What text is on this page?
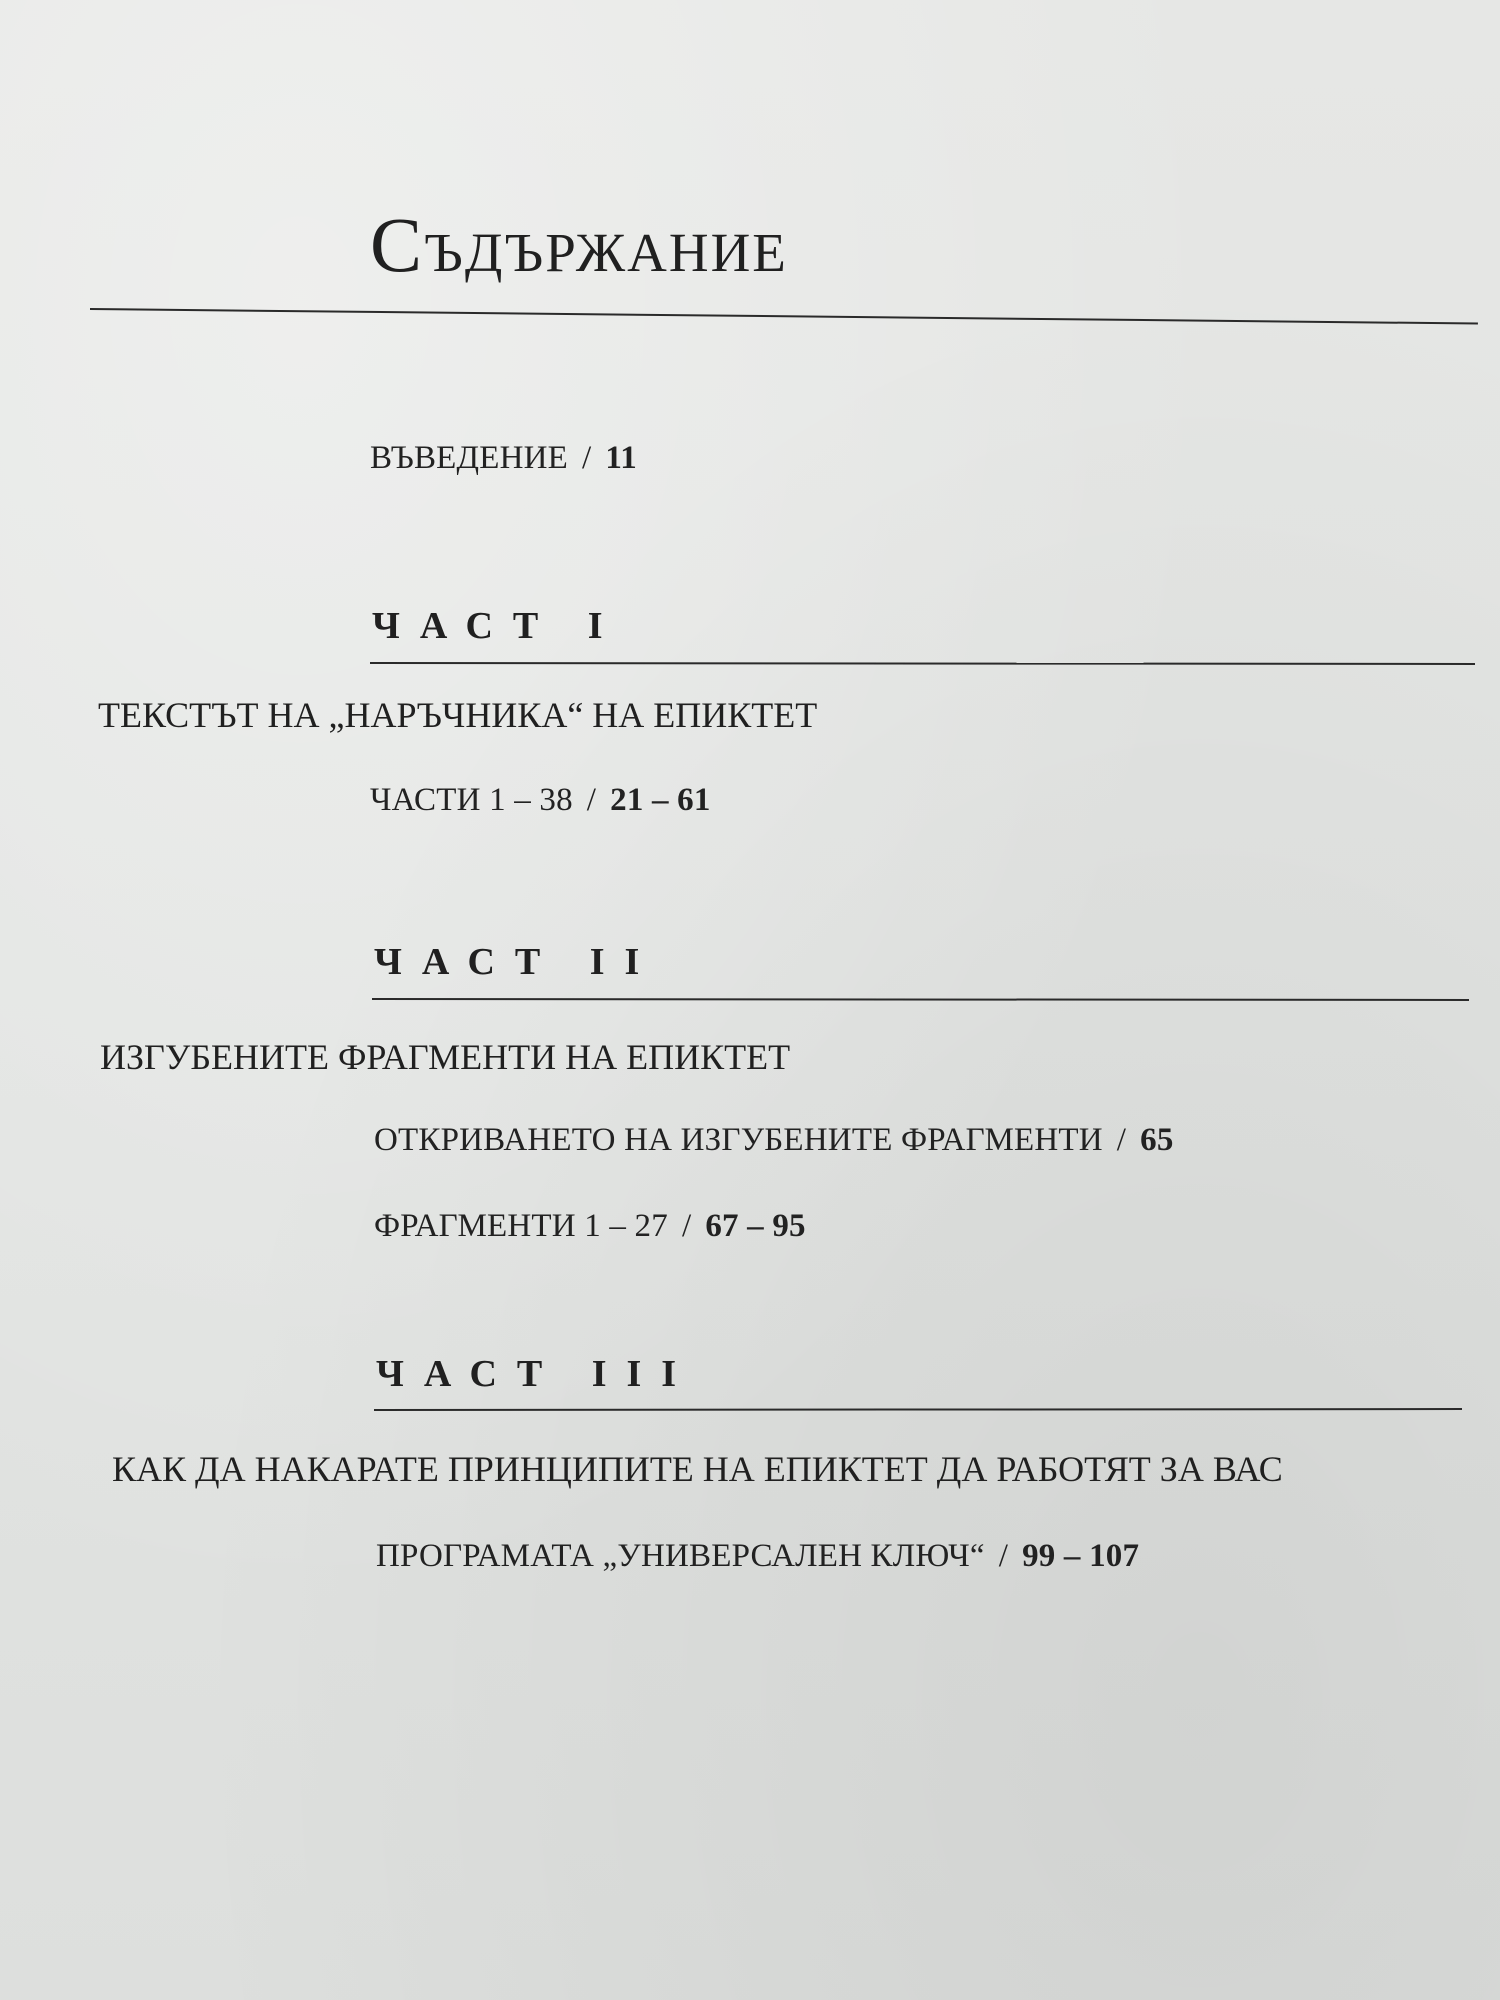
Съдържание
ВЪВЕДЕНИЕ / 11
ЧАСТ I
ТЕКСТЪТ НА „НАРЪЧНИКА“ НА ЕПИКТЕТ
ЧАСТИ 1 – 38 / 21 – 61
ЧАСТ II
ИЗГУБЕНИТЕ ФРАГМЕНТИ НА ЕПИКТЕТ
ОТКРИВАНЕТО НА ИЗГУБЕНИТЕ ФРАГМЕНТИ / 65
ФРАГМЕНТИ 1 – 27 / 67 – 95
ЧАСТ III
КАК ДА НАКАРАТЕ ПРИНЦИПИТЕ НА ЕПИКТЕТ ДА РАБОТЯТ ЗА ВАС
ПРОГРАМАТА „УНИВЕРСАЛЕН КЛЮЧ“ / 99 – 107
